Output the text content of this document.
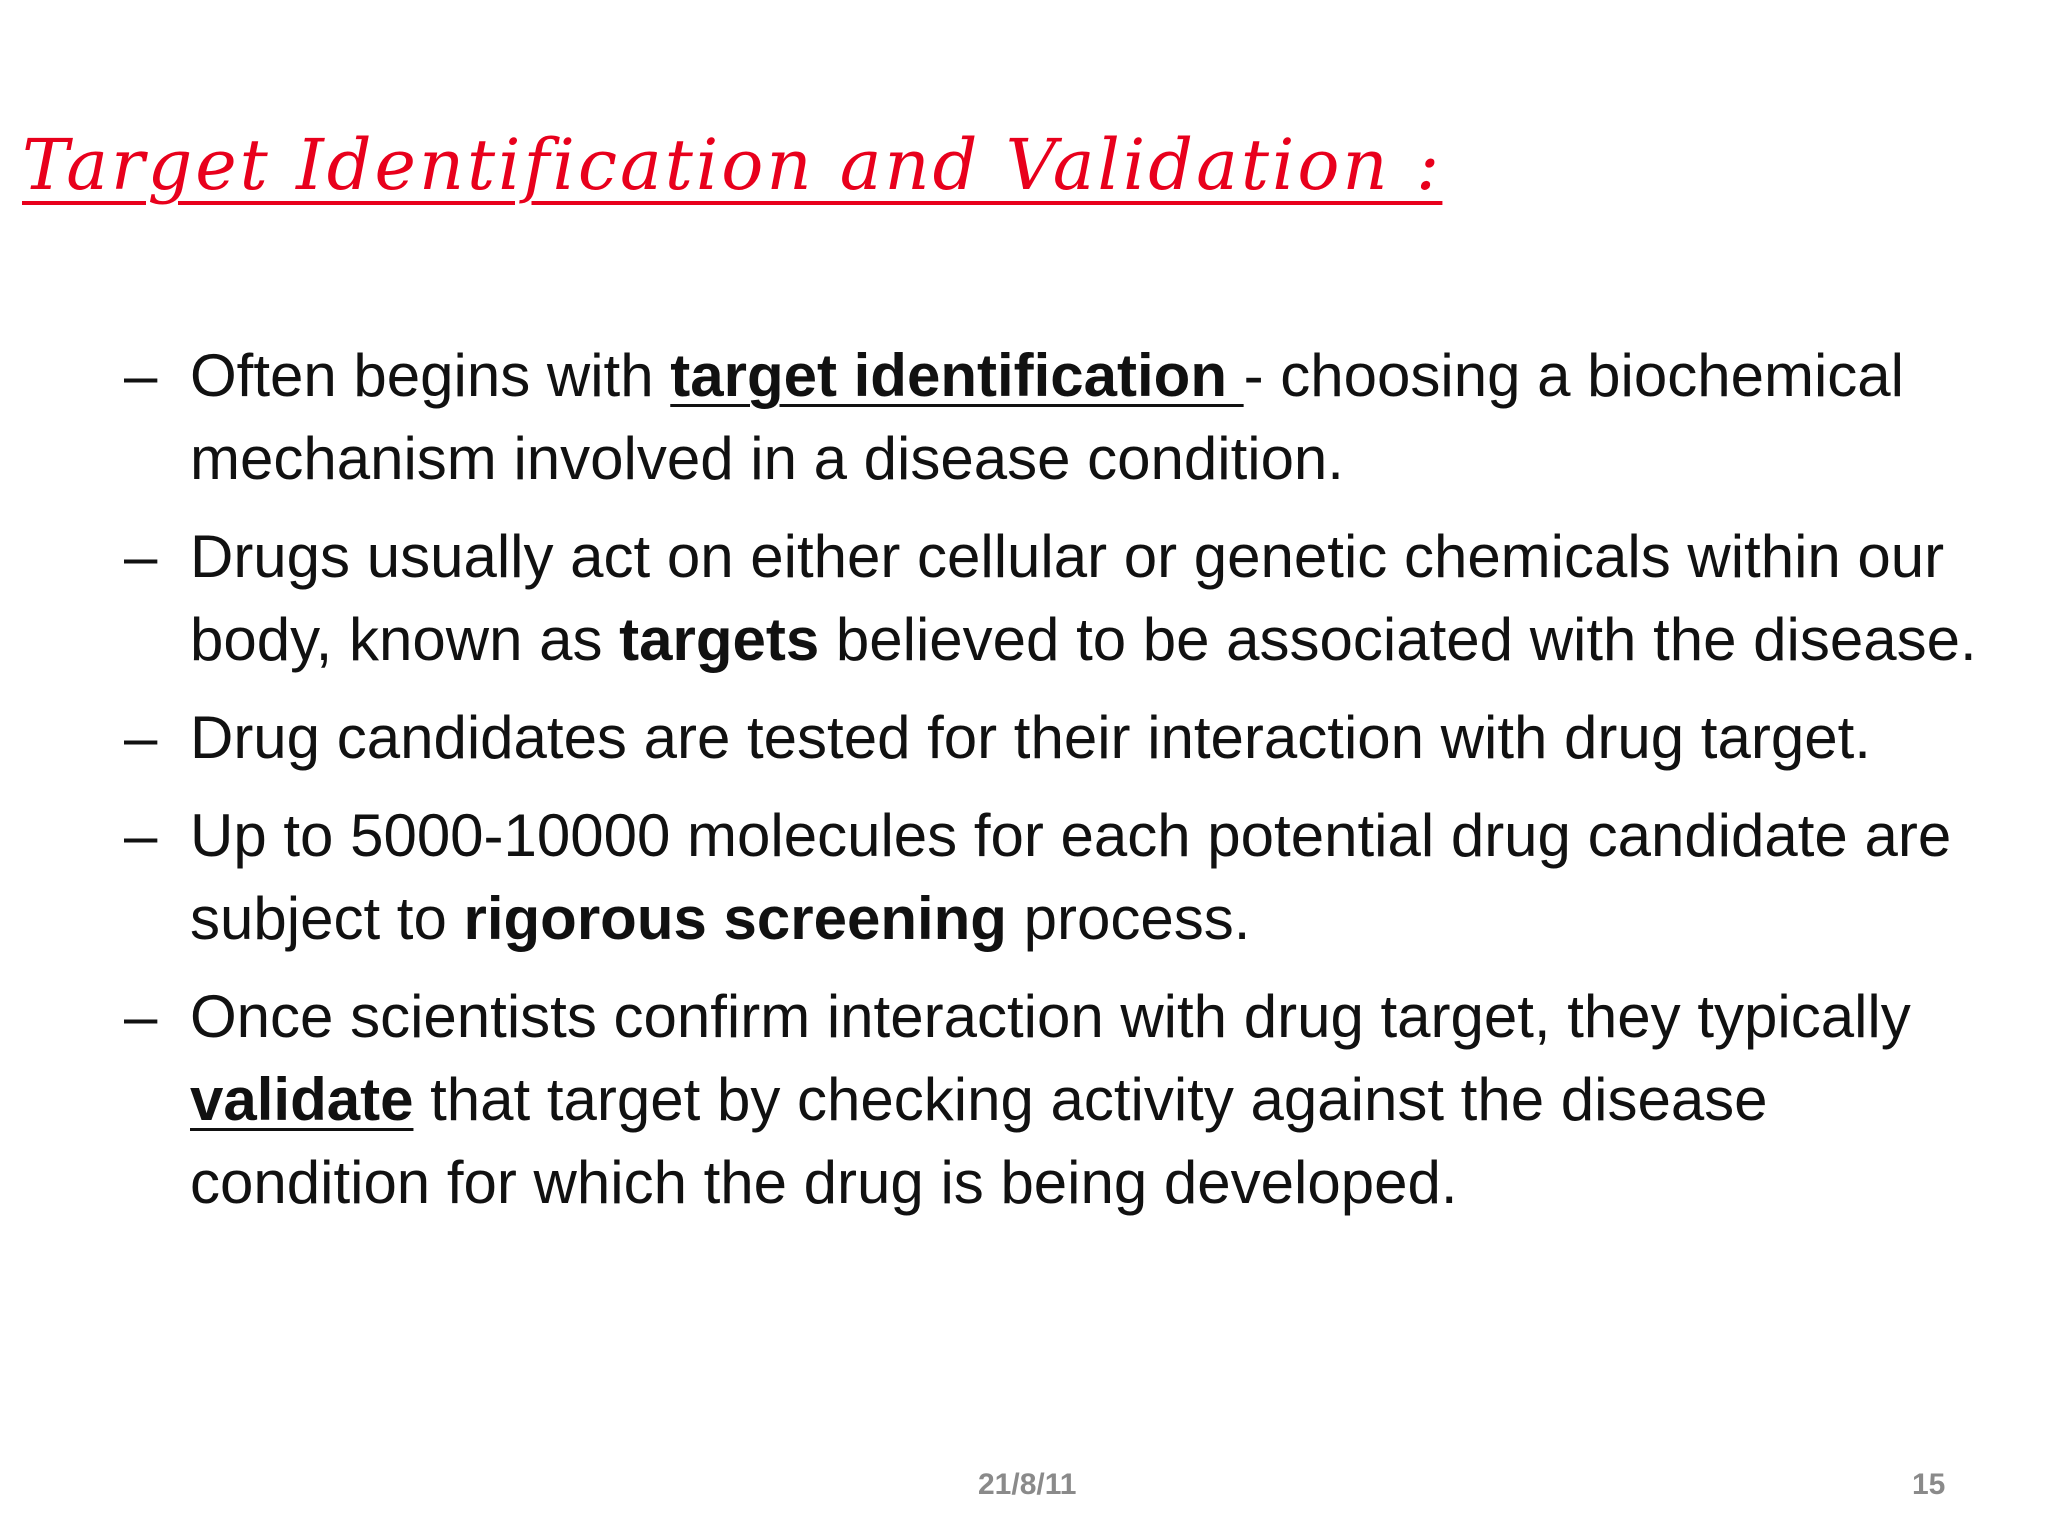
Target Identification and Validation :
– Often begins with target identification - choosing a biochemical mechanism involved in a disease condition.
– Drugs usually act on either cellular or genetic chemicals within our body, known as targets believed to be associated with the disease.
– Drug candidates are tested for their interaction with drug target.
– Up to 5000-10000 molecules for each potential drug candidate are subject to rigorous screening process.
– Once scientists confirm interaction with drug target, they typically validate that target by checking activity against the disease condition for which the drug is being developed.
21/8/11	15
